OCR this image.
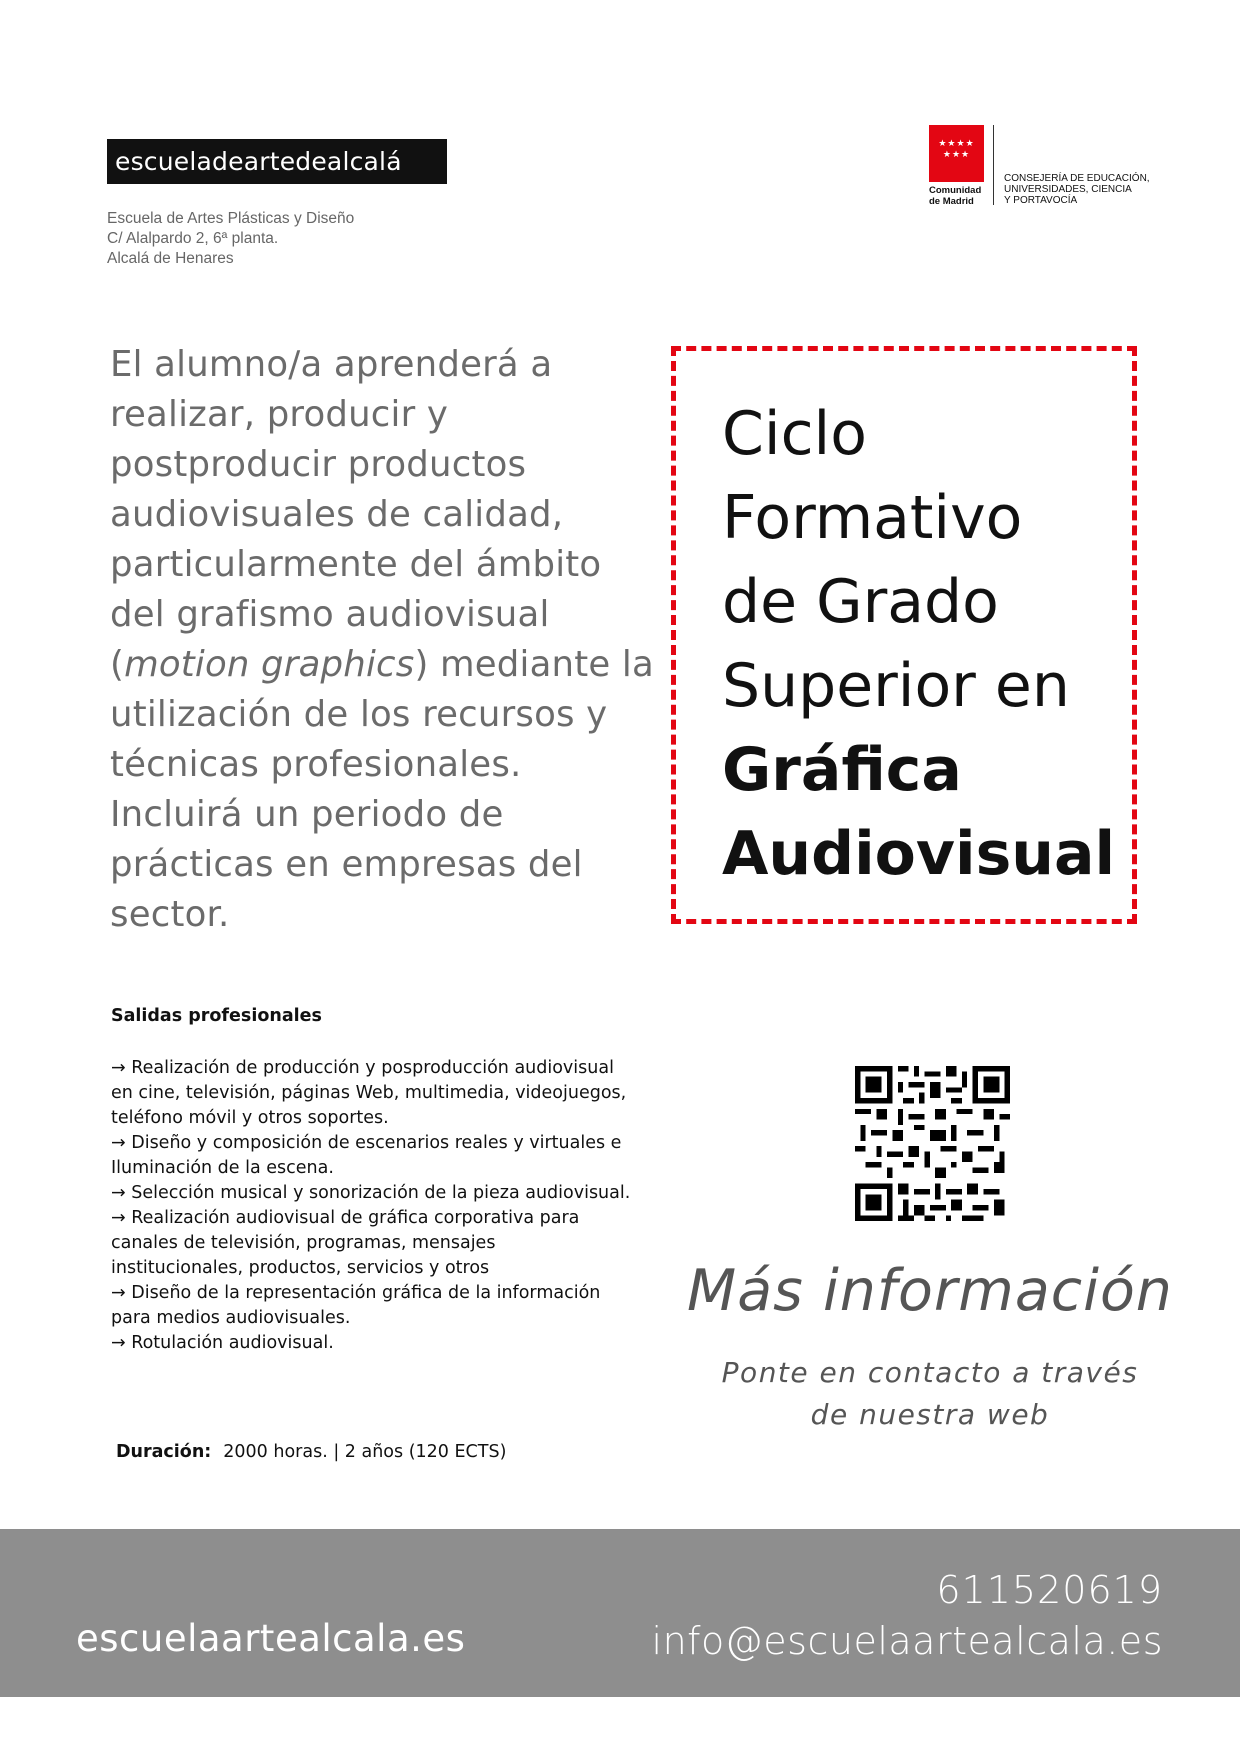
escueladeartedealcalá
Escuela de Artes Plásticas y Diseño
C/ Alalpardo 2, 6ª planta.
Alcalá de Henares
★★★★
★★★
Comunidad
de Madrid
CONSEJERÍA DE EDUCACIÓN,
UNIVERSIDADES, CIENCIA
Y PORTAVOCÍA
El alumno/a aprenderá a realizar, producir y postproducir productos audiovisuales de calidad, particularmente del ámbito del grafismo audiovisual (motion graphics) mediante la utilización de los recursos y técnicas profesionales. Incluirá un periodo de prácticas en empresas del sector.
Ciclo
Formativo
de Grado
Superior en
Gráfica
Audiovisual
Salidas profesionales
→ Realización de producción y posproducción audiovisual en cine, televisión, páginas Web, multimedia, videojuegos, teléfono móvil y otros soportes.
→ Diseño y composición de escenarios reales y virtuales e Iluminación de la escena.
→ Selección musical y sonorización de la pieza audiovisual.
→ Realización audiovisual de gráfica corporativa para canales de televisión, programas, mensajes institucionales, productos, servicios y otros
→ Diseño de la representación gráfica de la información para medios audiovisuales.
→ Rotulación audiovisual.
Duración: 2000 horas. | 2 años (120 ECTS)
Más información
Ponte en contacto a través
de nuestra web
escuelaartealcala.es
611520619
info@escuelaartealcala.es
